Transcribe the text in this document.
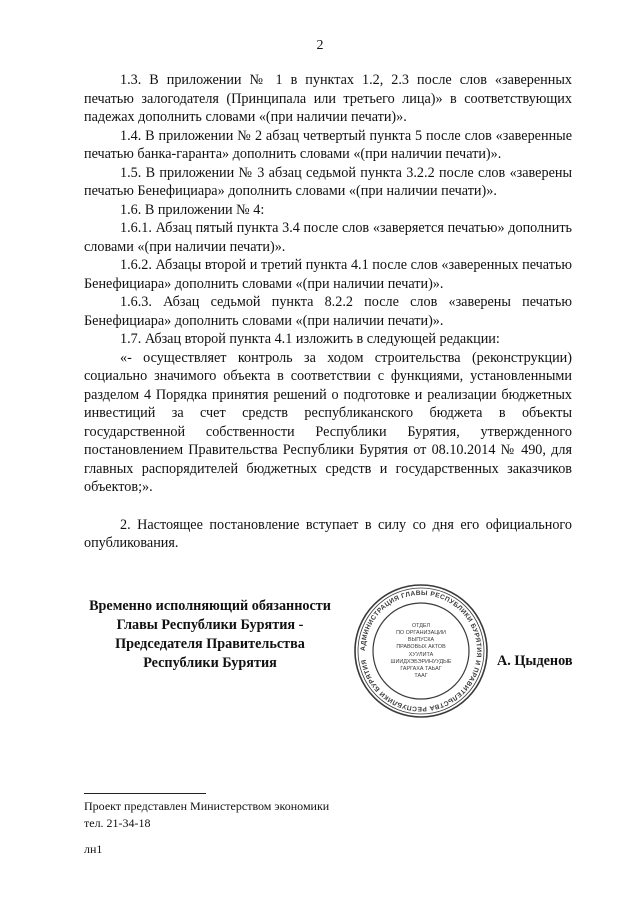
2

1.3. В приложении № 1 в пунктах 1.2, 2.3 после слов «заверенных печатью залогодателя (Принципала или третьего лица)» в соответствующих падежах дополнить словами «(при наличии печати)».

1.4. В приложении № 2 абзац четвертый пункта 5 после слов «заверенные печатью банка-гаранта» дополнить словами «(при наличии печати)».

1.5. В приложении № 3 абзац седьмой пункта 3.2.2 после слов «заверены печатью Бенефициара» дополнить словами «(при наличии печати)».

1.6. В приложении № 4:

1.6.1. Абзац пятый пункта 3.4 после слов «заверяется печатью» дополнить словами «(при наличии печати)».

1.6.2. Абзацы второй и третий пункта 4.1 после слов «заверенных печатью Бенефициара» дополнить словами «(при наличии печати)».

1.6.3. Абзац седьмой пункта 8.2.2 после слов «заверены печатью Бенефициара» дополнить словами «(при наличии печати)».

1.7. Абзац второй пункта 4.1 изложить в следующей редакции:

«- осуществляет контроль за ходом строительства (реконструкции) социально значимого объекта в соответствии с функциями, установленными разделом 4 Порядка принятия решений о подготовке и реализации бюджетных инвестиций за счет средств республиканского бюджета в объекты государственной собственности Республики Бурятия, утвержденного постановлением Правительства Республики Бурятия от 08.10.2014 № 490, для главных распорядителей бюджетных средств и государственных заказчиков объектов;».

2. Настоящее постановление вступает в силу со дня его официального опубликования.

Временно исполняющий обязанности
Главы Республики Бурятия -
Председателя Правительства
Республики Бурятия
АДМИНИСТРАЦИЯ ГЛАВЫ РЕСПУБЛИКИ БУРЯТИЯ И ПРАВИТЕЛЬСТВА РЕСПУБЛИКИ БУРЯТИЯ
ОТДЕЛ
ПО ОРГАНИЗАЦИИ
ВЫПУСКА
ПРАВОВЫХ АКТОВ
ХУУЛИТА
ШИИДХЭБЭРИНУУДЫЕ
ГАРГАХА ТАЬАГ
ТААГ
А. Цыденов
Проект представлен Министерством экономики
тел. 21-34-18
лн1
